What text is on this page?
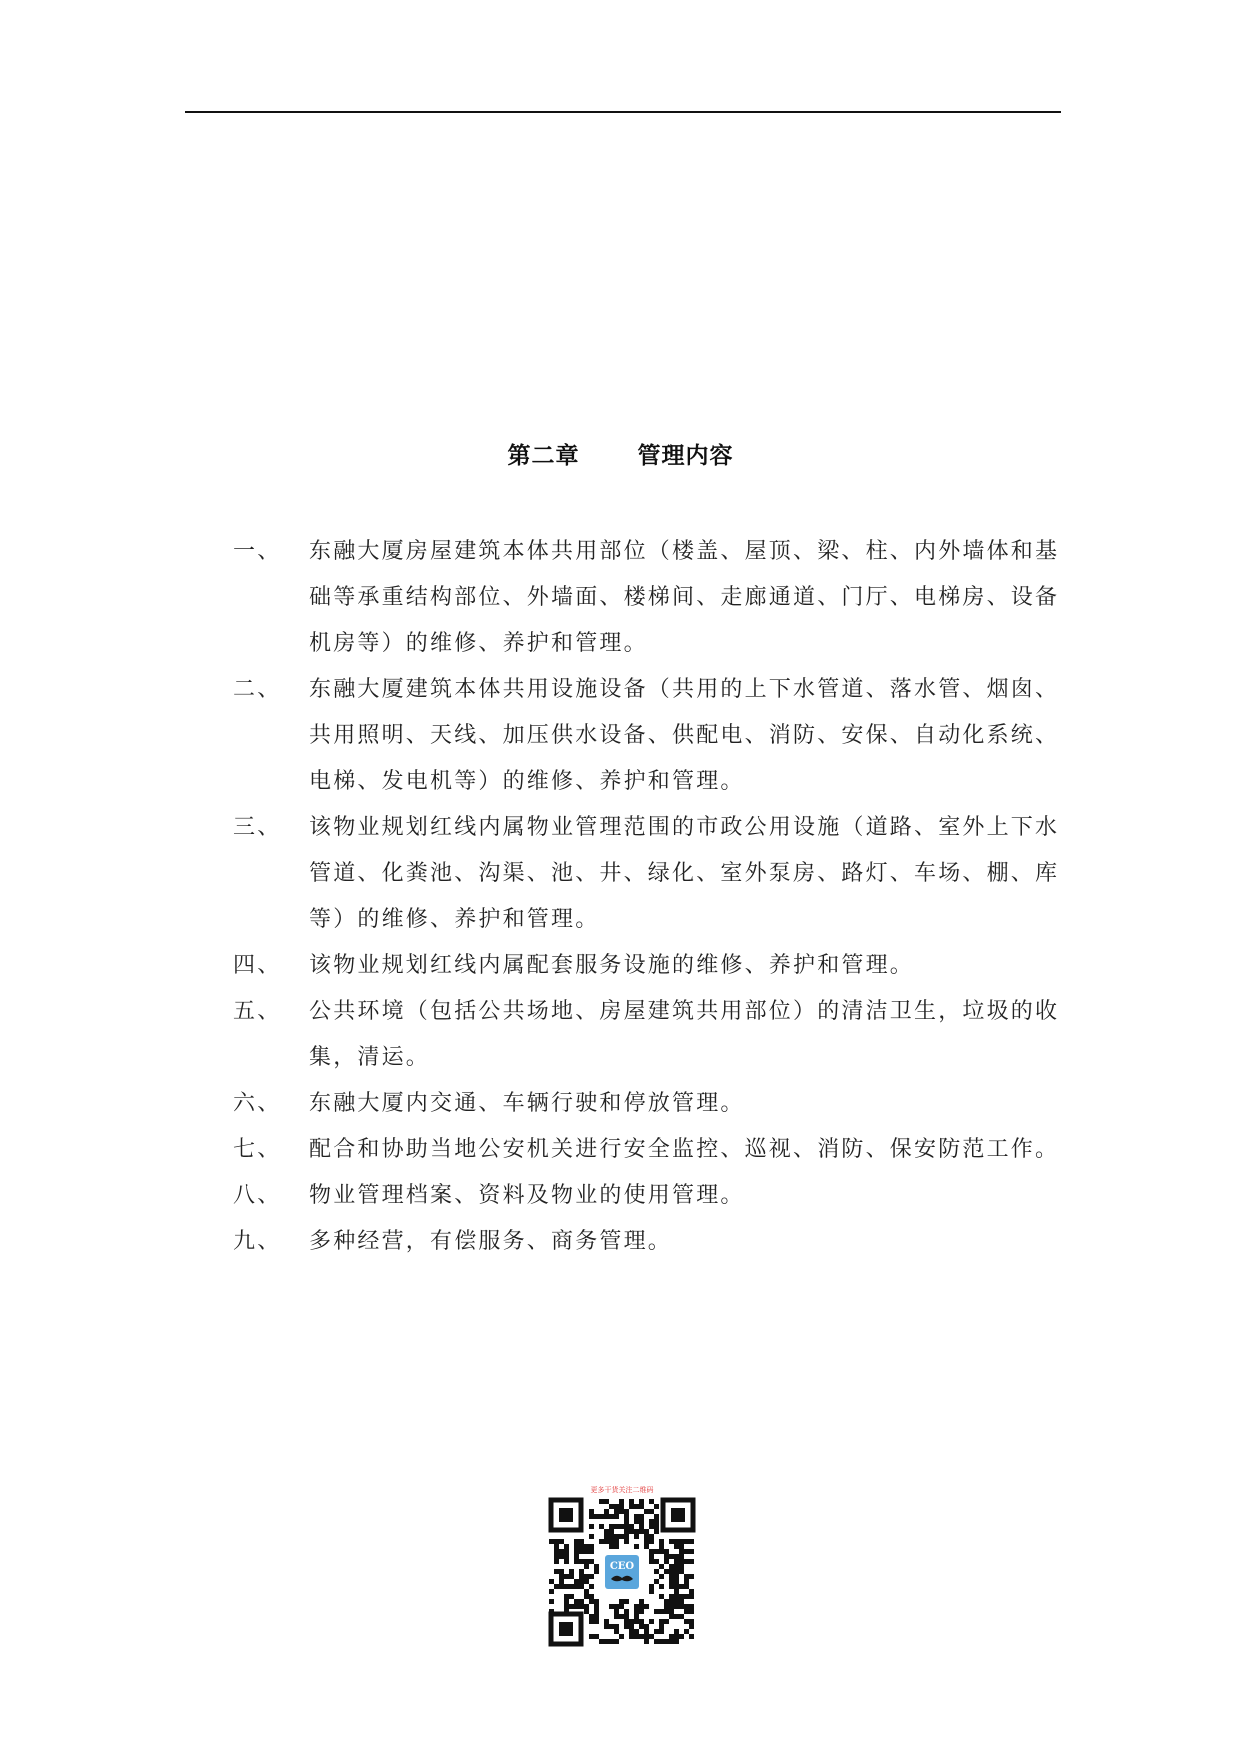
第二章	管理内容
一、	东融大厦房屋建筑本体共用部位（楼盖、屋顶、梁、柱、内外墙体和基础等承重结构部位、外墙面、楼梯间、走廊通道、门厅、电梯房、设备机房等）的维修、养护和管理。
二、	东融大厦建筑本体共用设施设备（共用的上下水管道、落水管、烟囱、共用照明、天线、加压供水设备、供配电、消防、安保、自动化系统、电梯、发电机等）的维修、养护和管理。
三、	该物业规划红线内属物业管理范围的市政公用设施（道路、室外上下水管道、化粪池、沟渠、池、井、绿化、室外泵房、路灯、车场、棚、库等）的维修、养护和管理。
四、	该物业规划红线内属配套服务设施的维修、养护和管理。
五、	公共环境（包括公共场地、房屋建筑共用部位）的清洁卫生，垃圾的收集，清运。
六、	东融大厦内交通、车辆行驶和停放管理。
七、	配合和协助当地公安机关进行安全监控、巡视、消防、保安防范工作。
八、	物业管理档案、资料及物业的使用管理。
九、	多种经营，有偿服务、商务管理。
更多干货关注二维码
CEO
